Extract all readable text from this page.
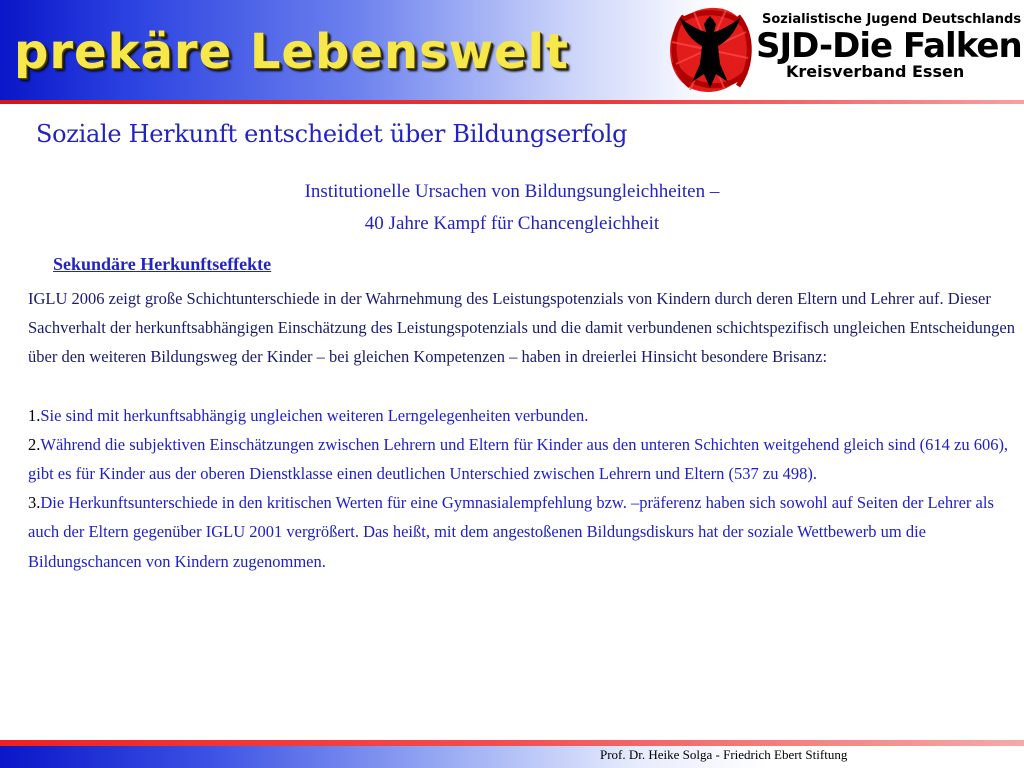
prekäre Lebenswelt
Sozialistische Jugend Deutschlands
SJD-Die Falken
Kreisverband Essen
Soziale Herkunft entscheidet über Bildungserfolg
Institutionelle Ursachen von Bildungsungleichheiten –
40 Jahre Kampf für Chancengleichheit
Sekundäre Herkunftseffekte

IGLU 2006 zeigt große Schichtunterschiede in der Wahrnehmung des Leistungspotenzials von Kindern durch deren Eltern und Lehrer auf. Dieser Sachverhalt der herkunftsabhängigen Einschätzung des Leistungspotenzials und die damit verbundenen schichtspezifisch ungleichen Entscheidungen über den weiteren Bildungsweg der Kinder – bei gleichen Kompetenzen – haben in dreierlei Hinsicht besondere Brisanz:

1.Sie sind mit herkunftsabhängig ungleichen weiteren Lerngelegenheiten verbunden.

2.Während die subjektiven Einschätzungen zwischen Lehrern und Eltern für Kinder aus den unteren Schichten weitgehend gleich sind (614 zu 606), gibt es für Kinder aus der oberen Dienstklasse einen deutlichen Unterschied zwischen Lehrern und Eltern (537 zu 498).

3.Die Herkunftsunterschiede in den kritischen Werten für eine Gymnasialempfehlung bzw. –präferenz haben sich sowohl auf Seiten der Lehrer als auch der Eltern gegenüber IGLU 2001 vergrößert. Das heißt, mit dem angestoßenen Bildungsdiskurs hat der soziale Wettbewerb um die Bildungschancen von Kindern zugenommen.

Prof. Dr. Heike Solga - Friedrich Ebert Stiftung
